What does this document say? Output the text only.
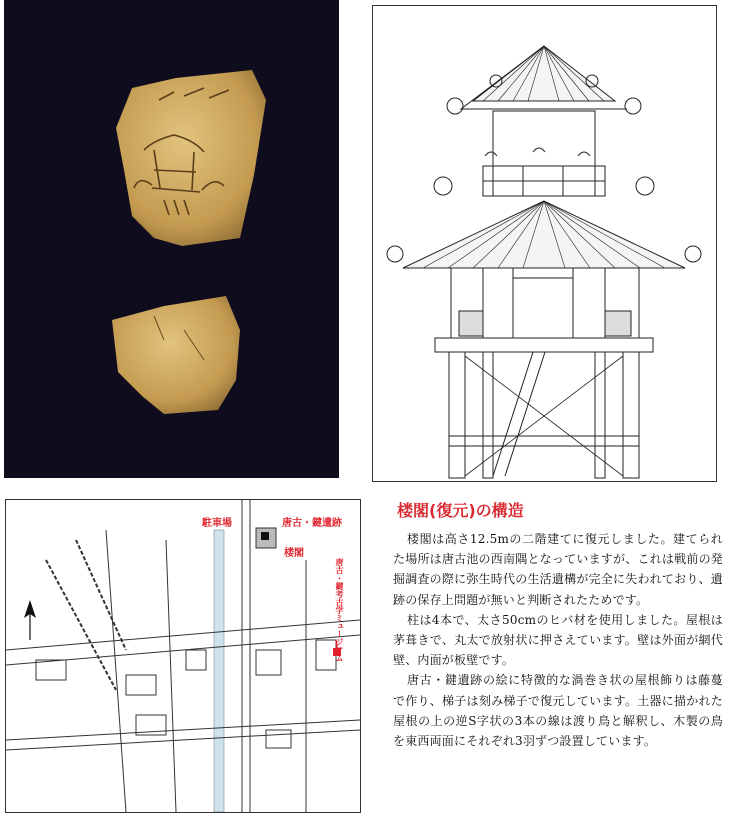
唐古・鍵遺跡
楼閣
駐車場
唐古・鍵考古学ミュージアム
楼閣(復元)の構造

楼閣は高さ12.5mの二階建てに復元しました。建てられた場所は唐古池の西南隅となっていますが、これは戦前の発掘調査の際に弥生時代の生活遺構が完全に失われており、遺跡の保存上問題が無いと判断されたためです。

柱は4本で、太さ50cmのヒバ材を使用しました。屋根は茅葺きで、丸太で放射状に押さえています。壁は外面が網代壁、内面が板壁です。

唐古・鍵遺跡の絵に特徴的な渦巻き状の屋根飾りは藤蔓で作り、梯子は刻み梯子で復元しています。土器に描かれた屋根の上の逆S字状の3本の線は渡り鳥と解釈し、木製の鳥を東西両面にそれぞれ3羽ずつ設置しています。
